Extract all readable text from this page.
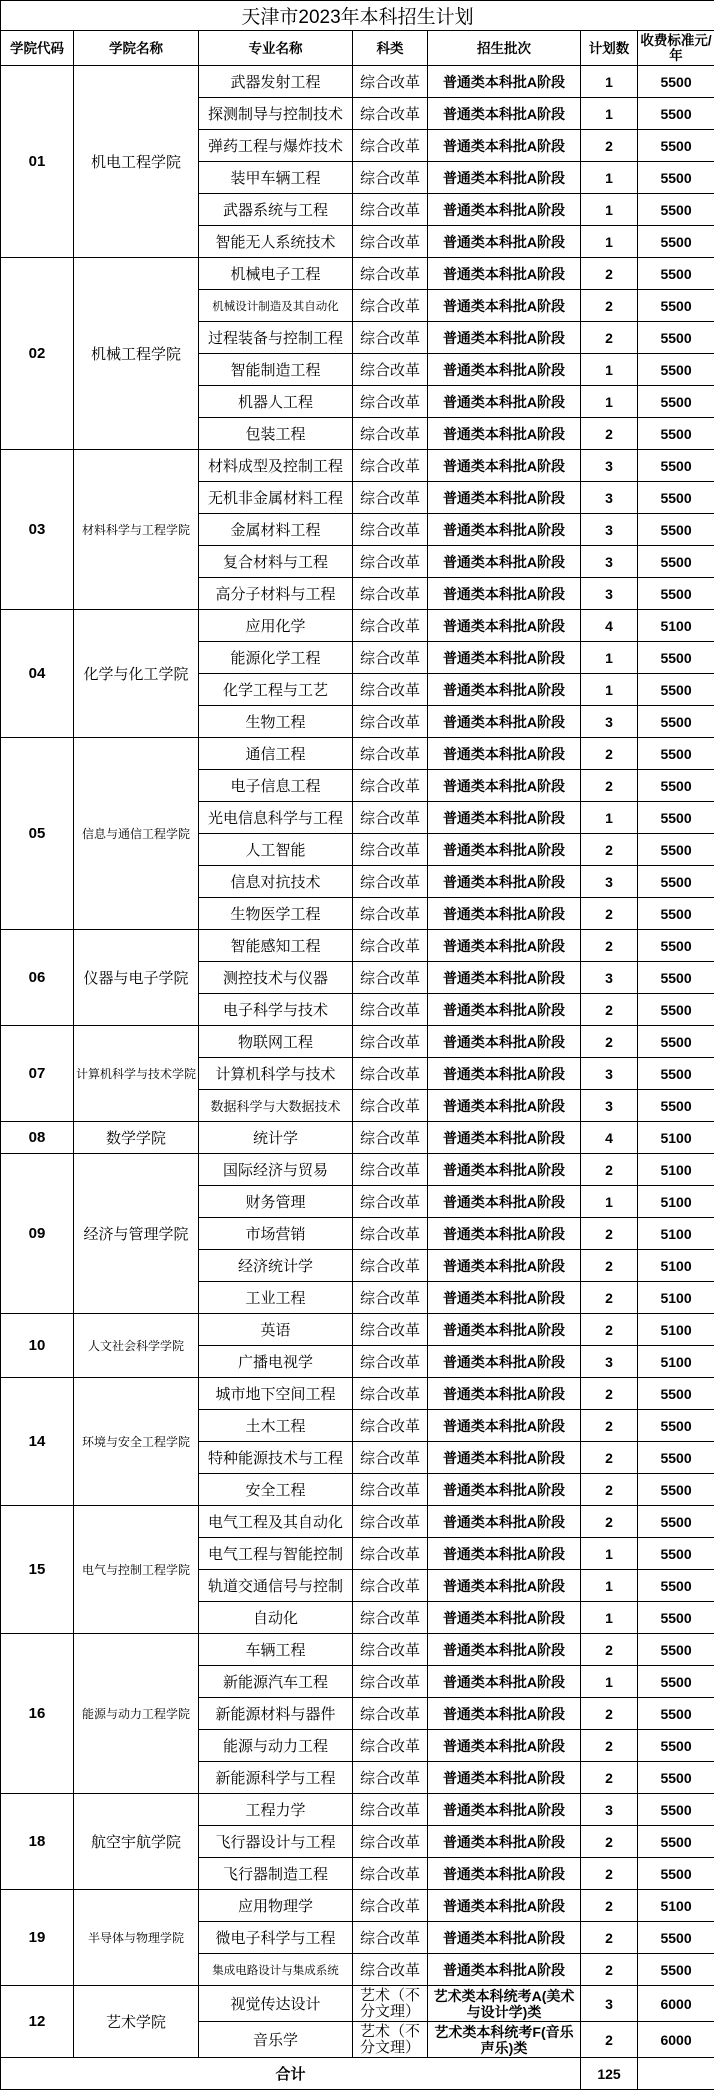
天津市2023年本科招生计划						
学院代码	学院名称	专业名称	科类	招生批次	计划数	收费标准元/年
01	机电工程学院	武器发射工程	综合改革	普通类本科批A阶段	1	5500
		探测制导与控制技术	综合改革	普通类本科批A阶段	1	5500
		弹药工程与爆炸技术	综合改革	普通类本科批A阶段	2	5500
		装甲车辆工程	综合改革	普通类本科批A阶段	1	5500
		武器系统与工程	综合改革	普通类本科批A阶段	1	5500
		智能无人系统技术	综合改革	普通类本科批A阶段	1	5500
02	机械工程学院	机械电子工程	综合改革	普通类本科批A阶段	2	5500
		机械设计制造及其自动化	综合改革	普通类本科批A阶段	2	5500
		过程装备与控制工程	综合改革	普通类本科批A阶段	2	5500
		智能制造工程	综合改革	普通类本科批A阶段	1	5500
		机器人工程	综合改革	普通类本科批A阶段	1	5500
		包装工程	综合改革	普通类本科批A阶段	2	5500
03	材料科学与工程学院	材料成型及控制工程	综合改革	普通类本科批A阶段	3	5500
		无机非金属材料工程	综合改革	普通类本科批A阶段	3	5500
		金属材料工程	综合改革	普通类本科批A阶段	3	5500
		复合材料与工程	综合改革	普通类本科批A阶段	3	5500
		高分子材料与工程	综合改革	普通类本科批A阶段	3	5500
04	化学与化工学院	应用化学	综合改革	普通类本科批A阶段	4	5100
		能源化学工程	综合改革	普通类本科批A阶段	1	5500
		化学工程与工艺	综合改革	普通类本科批A阶段	1	5500
		生物工程	综合改革	普通类本科批A阶段	3	5500
05	信息与通信工程学院	通信工程	综合改革	普通类本科批A阶段	2	5500
		电子信息工程	综合改革	普通类本科批A阶段	2	5500
		光电信息科学与工程	综合改革	普通类本科批A阶段	1	5500
		人工智能	综合改革	普通类本科批A阶段	2	5500
		信息对抗技术	综合改革	普通类本科批A阶段	3	5500
		生物医学工程	综合改革	普通类本科批A阶段	2	5500
06	仪器与电子学院	智能感知工程	综合改革	普通类本科批A阶段	2	5500
		测控技术与仪器	综合改革	普通类本科批A阶段	3	5500
		电子科学与技术	综合改革	普通类本科批A阶段	2	5500
07	计算机科学与技术学院	物联网工程	综合改革	普通类本科批A阶段	2	5500
		计算机科学与技术	综合改革	普通类本科批A阶段	3	5500
		数据科学与大数据技术	综合改革	普通类本科批A阶段	3	5500
08	数学学院	统计学	综合改革	普通类本科批A阶段	4	5100
09	经济与管理学院	国际经济与贸易	综合改革	普通类本科批A阶段	2	5100
		财务管理	综合改革	普通类本科批A阶段	1	5100
		市场营销	综合改革	普通类本科批A阶段	2	5100
		经济统计学	综合改革	普通类本科批A阶段	2	5100
		工业工程	综合改革	普通类本科批A阶段	2	5100
10	人文社会科学学院	英语	综合改革	普通类本科批A阶段	2	5100
		广播电视学	综合改革	普通类本科批A阶段	3	5100
14	环境与安全工程学院	城市地下空间工程	综合改革	普通类本科批A阶段	2	5500
		土木工程	综合改革	普通类本科批A阶段	2	5500
		特种能源技术与工程	综合改革	普通类本科批A阶段	2	5500
		安全工程	综合改革	普通类本科批A阶段	2	5500
15	电气与控制工程学院	电气工程及其自动化	综合改革	普通类本科批A阶段	2	5500
		电气工程与智能控制	综合改革	普通类本科批A阶段	1	5500
		轨道交通信号与控制	综合改革	普通类本科批A阶段	1	5500
		自动化	综合改革	普通类本科批A阶段	1	5500
16	能源与动力工程学院	车辆工程	综合改革	普通类本科批A阶段	2	5500
		新能源汽车工程	综合改革	普通类本科批A阶段	1	5500
		新能源材料与器件	综合改革	普通类本科批A阶段	2	5500
		能源与动力工程	综合改革	普通类本科批A阶段	2	5500
		新能源科学与工程	综合改革	普通类本科批A阶段	2	5500
18	航空宇航学院	工程力学	综合改革	普通类本科批A阶段	3	5500
		飞行器设计与工程	综合改革	普通类本科批A阶段	2	5500
		飞行器制造工程	综合改革	普通类本科批A阶段	2	5500
19	半导体与物理学院	应用物理学	综合改革	普通类本科批A阶段	2	5100
		微电子科学与工程	综合改革	普通类本科批A阶段	2	5500
		集成电路设计与集成系统	综合改革	普通类本科批A阶段	2	5500
12	艺术学院	视觉传达设计	艺术（不分文理）	艺术类本科统考A(美术与设计学)类	3	6000
		音乐学	艺术（不分文理）	艺术类本科统考F(音乐声乐)类	2	6000
合计					125	
